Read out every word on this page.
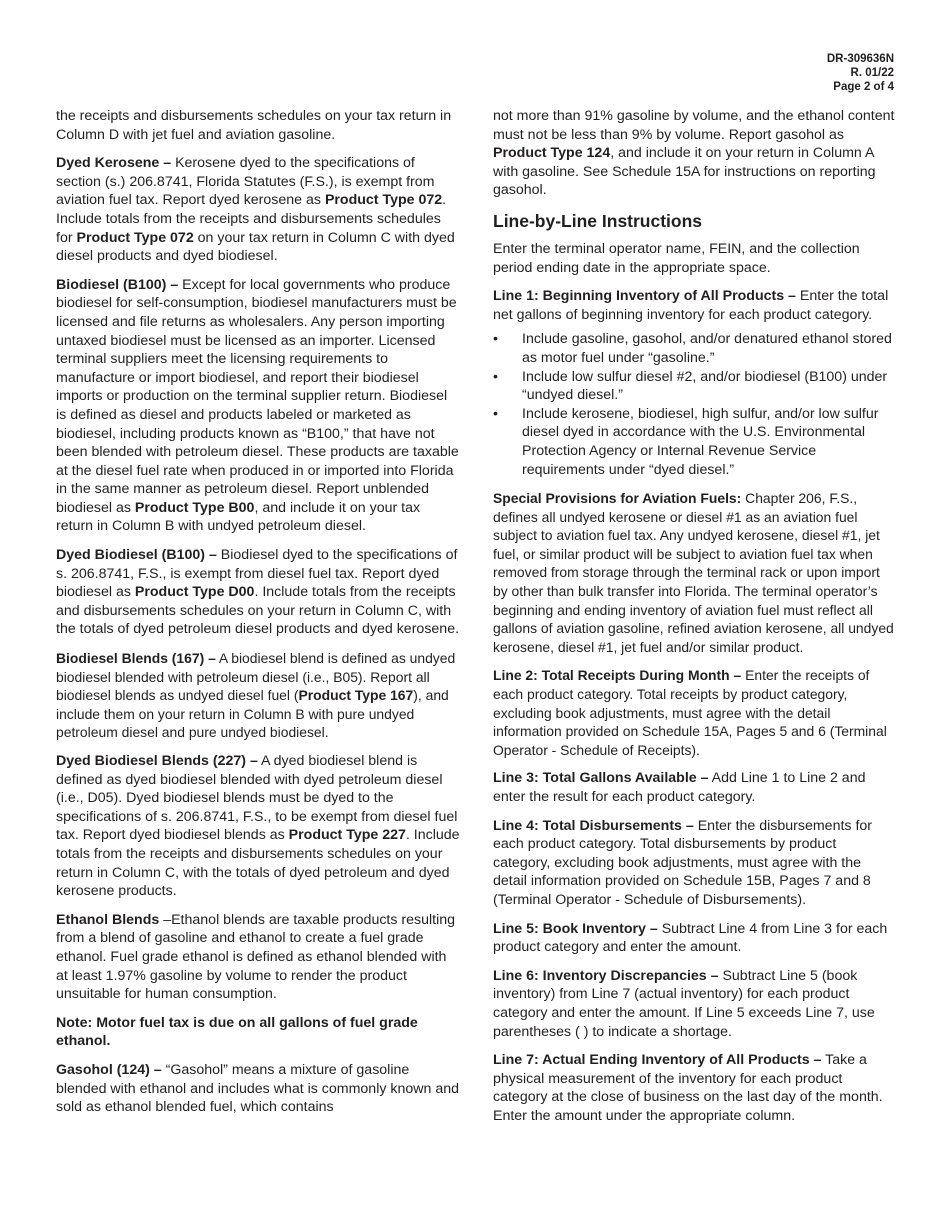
DR-309636N
R. 01/22
Page 2 of 4

the receipts and disbursements schedules on your tax return in Column D with jet fuel and aviation gasoline.

Dyed Kerosene – Kerosene dyed to the specifications of section (s.) 206.8741, Florida Statutes (F.S.), is exempt from aviation fuel tax. Report dyed kerosene as Product Type 072. Include totals from the receipts and disbursements schedules for Product Type 072 on your tax return in Column C with dyed diesel products and dyed biodiesel.

Biodiesel (B100) – Except for local governments who produce biodiesel for self-consumption, biodiesel manufacturers must be licensed and file returns as wholesalers. Any person importing untaxed biodiesel must be licensed as an importer. Licensed terminal suppliers meet the licensing requirements to manufacture or import biodiesel, and report their biodiesel imports or production on the terminal supplier return. Biodiesel is defined as diesel and products labeled or marketed as biodiesel, including products known as “B100,” that have not been blended with petroleum diesel. These products are taxable at the diesel fuel rate when produced in or imported into Florida in the same manner as petroleum diesel. Report unblended biodiesel as Product Type B00, and include it on your tax return in Column B with undyed petroleum diesel.

Dyed Biodiesel (B100) – Biodiesel dyed to the specifications of s. 206.8741, F.S., is exempt from diesel fuel tax. Report dyed biodiesel as Product Type D00. Include totals from the receipts and disbursements schedules on your return in Column C, with the totals of dyed petroleum diesel products and dyed kerosene.

Biodiesel Blends (167) – A biodiesel blend is defined as undyed biodiesel blended with petroleum diesel (i.e., B05). Report all biodiesel blends as undyed diesel fuel (Product Type 167), and include them on your return in Column B with pure undyed petroleum diesel and pure undyed biodiesel.

Dyed Biodiesel Blends (227) – A dyed biodiesel blend is defined as dyed biodiesel blended with dyed petroleum diesel (i.e., D05). Dyed biodiesel blends must be dyed to the specifications of s. 206.8741, F.S., to be exempt from diesel fuel tax. Report dyed biodiesel blends as Product Type 227. Include totals from the receipts and disbursements schedules on your return in Column C, with the totals of dyed petroleum and dyed kerosene products.

Ethanol Blends –Ethanol blends are taxable products resulting from a blend of gasoline and ethanol to create a fuel grade ethanol. Fuel grade ethanol is defined as ethanol blended with at least 1.97% gasoline by volume to render the product unsuitable for human consumption.

Note: Motor fuel tax is due on all gallons of fuel grade ethanol.

Gasohol (124) – “Gasohol” means a mixture of gasoline blended with ethanol and includes what is commonly known and sold as ethanol blended fuel, which contains

not more than 91% gasoline by volume, and the ethanol content must not be less than 9% by volume. Report gasohol as Product Type 124, and include it on your return in Column A with gasoline. See Schedule 15A for instructions on reporting gasohol.

Line-by-Line Instructions

Enter the terminal operator name, FEIN, and the collection period ending date in the appropriate space.

Line 1: Beginning Inventory of All Products – Enter the total net gallons of beginning inventory for each product category.

• Include gasoline, gasohol, and/or denatured ethanol stored as motor fuel under “gasoline.”
• Include low sulfur diesel #2, and/or biodiesel (B100) under “undyed diesel.”
• Include kerosene, biodiesel, high sulfur, and/or low sulfur diesel dyed in accordance with the U.S. Environmental Protection Agency or Internal Revenue Service requirements under “dyed diesel.”

Special Provisions for Aviation Fuels: Chapter 206, F.S., defines all undyed kerosene or diesel #1 as an aviation fuel subject to aviation fuel tax. Any undyed kerosene, diesel #1, jet fuel, or similar product will be subject to aviation fuel tax when removed from storage through the terminal rack or upon import by other than bulk transfer into Florida. The terminal operator’s beginning and ending inventory of aviation fuel must reflect all gallons of aviation gasoline, refined aviation kerosene, all undyed kerosene, diesel #1, jet fuel and/or similar product.

Line 2: Total Receipts During Month – Enter the receipts of each product category. Total receipts by product category, excluding book adjustments, must agree with the detail information provided on Schedule 15A, Pages 5 and 6 (Terminal Operator - Schedule of Receipts).

Line 3: Total Gallons Available – Add Line 1 to Line 2 and enter the result for each product category.

Line 4: Total Disbursements – Enter the disbursements for each product category. Total disbursements by product category, excluding book adjustments, must agree with the detail information provided on Schedule 15B, Pages 7 and 8 (Terminal Operator - Schedule of Disbursements).

Line 5: Book Inventory – Subtract Line 4 from Line 3 for each product category and enter the amount.

Line 6: Inventory Discrepancies – Subtract Line 5 (book inventory) from Line 7 (actual inventory) for each product category and enter the amount. If Line 5 exceeds Line 7, use parentheses ( ) to indicate a shortage.

Line 7: Actual Ending Inventory of All Products – Take a physical measurement of the inventory for each product category at the close of business on the last day of the month. Enter the amount under the appropriate column.
